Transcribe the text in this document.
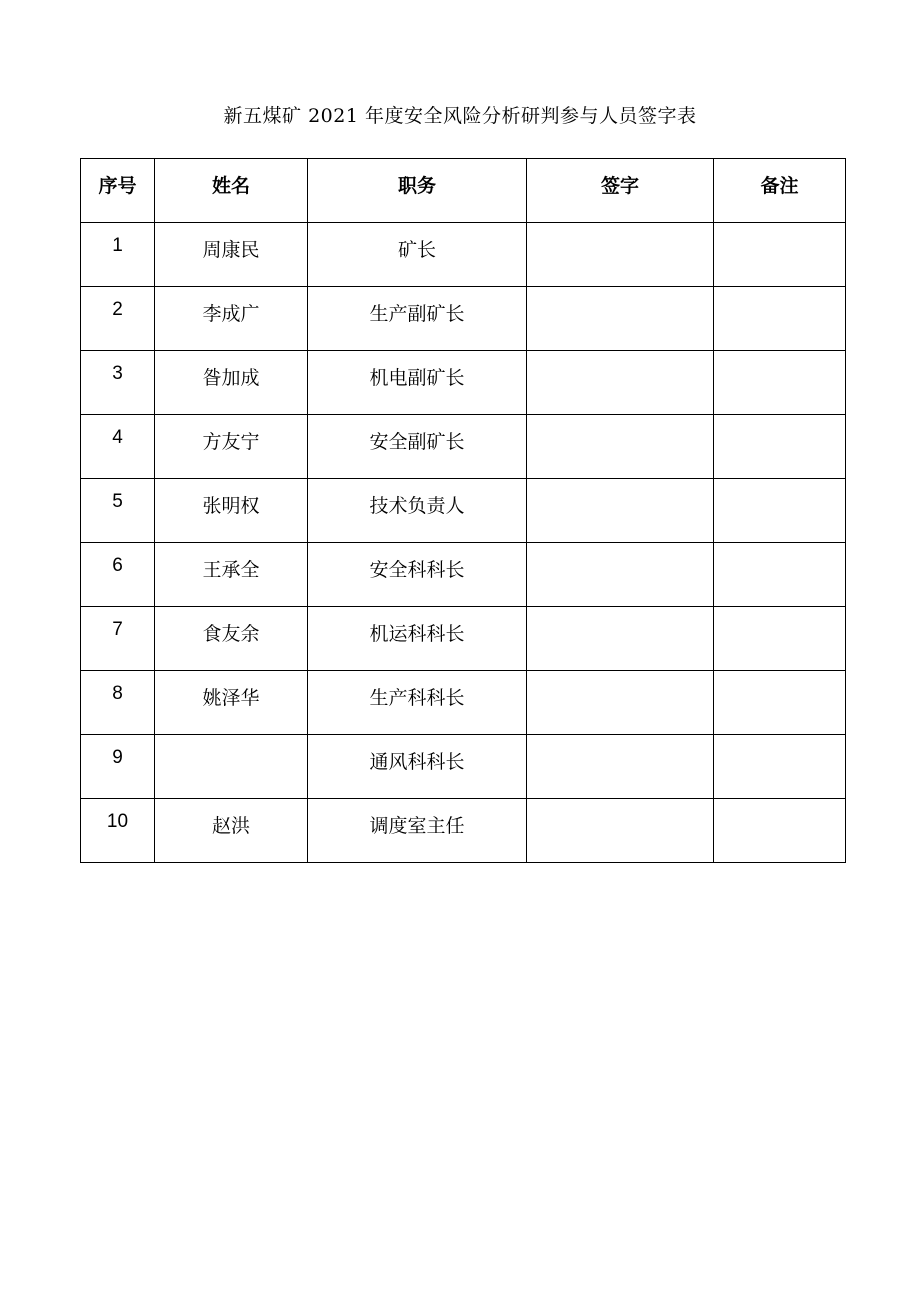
新五煤矿 2021 年度安全风险分析研判参与人员签字表
序号	姓名	职务	签字	备注
1	周康民	矿长		
2	李成广	生产副矿长		
3	昝加成	机电副矿长		
4	方友宁	安全副矿长		
5	张明权	技术负责人		
6	王承全	安全科科长		
7	食友余	机运科科长		
8	姚泽华	生产科科长		
9		通风科科长		
10	赵洪	调度室主任		
